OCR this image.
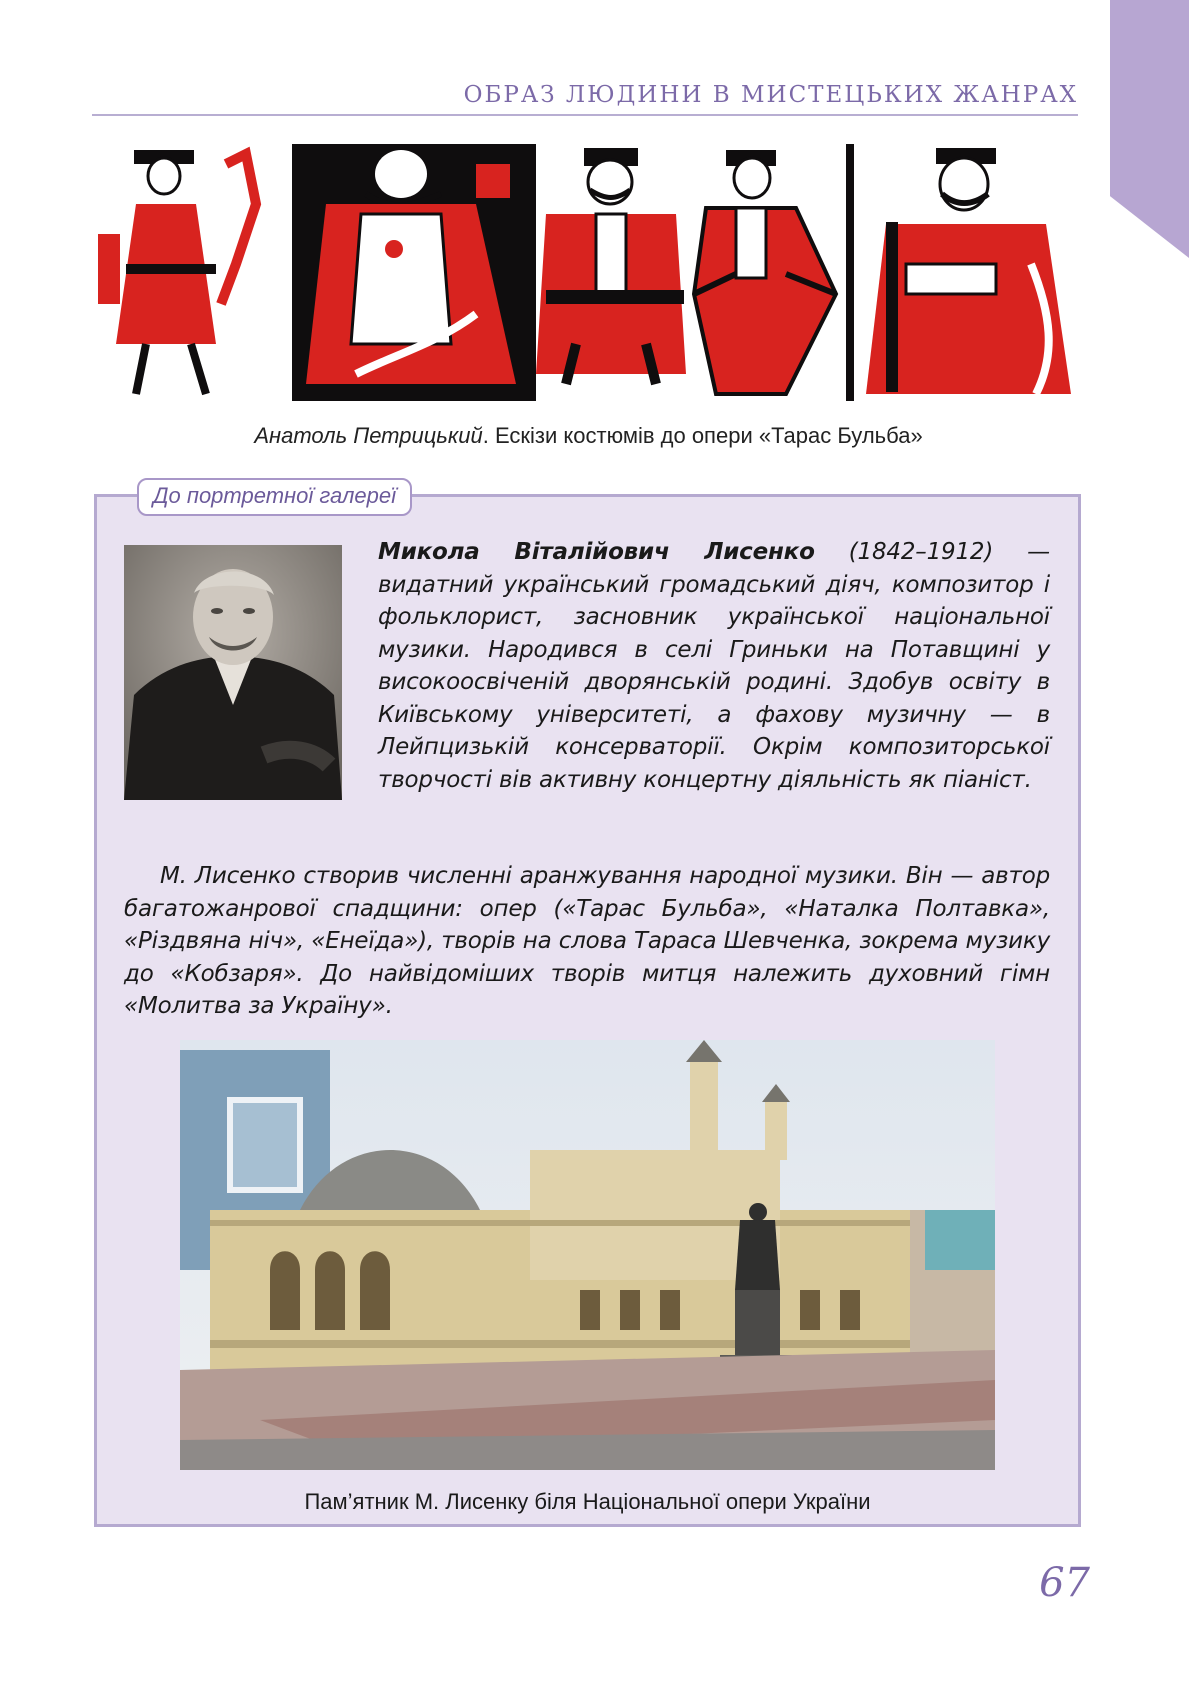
ОБРАЗ ЛЮДИНИ В МИСТЕЦЬКИХ ЖАНРАХ
Анатоль Петрицький. Ескізи костюмів до опери «Тарас Бульба»
До портретної галереї
Микола Віталійович Лисенко (1842–1912) — видатний український громадський діяч, композитор і фольклорист, засновник української національної музики. Народився в селі Гриньки на Потавщині у високоосвіченій дворянській родині. Здобув освіту в Київському університеті, а фахову музичну — в Лейпцизькій консерваторії. Окрім композиторської творчості вів активну концертну діяльність як піаніст.
М. Лисенко створив численні аранжування народної музики. Він — автор багатожанрової спадщини: опер («Тарас Бульба», «Наталка Полтавка», «Різдвяна ніч», «Енеїда»), творів на слова Тараса Шевченка, зокрема музику до «Кобзаря». До найвідоміших творів митця належить духовний гімн «Молитва за Україну».
Пам’ятник М. Лисенку біля Національної опери України
67
